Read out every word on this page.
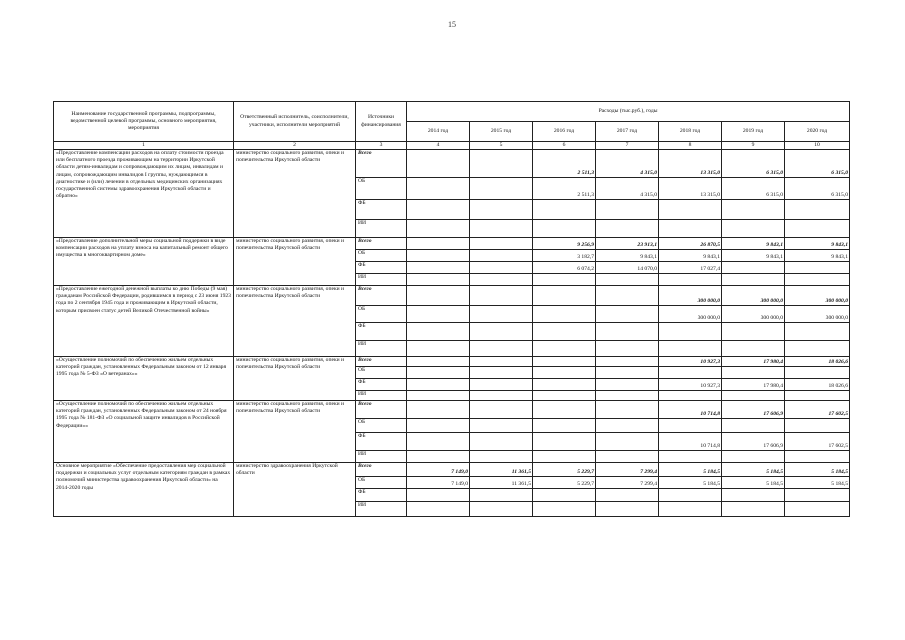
15
Наименование государственной программы, подпрограммы, ведомственной целевой программы, основного мероприятия, мероприятия	Ответственный исполнитель, соисполнители, участники, исполнители мероприятий	Источники финансирования	Расходы (тыс.руб.), годы						
			2014 год	2015 год	2016 год	2017 год	2018 год	2019 год	2020 год
1	2	3	4	5	6	7	8	9	10
«Предоставление компенсации расходов на оплату стоимости проезда или бесплатного проезда проживающим на территории Иркутской области детям-инвалидам и сопровождающим их лицам, инвалидам и лицам, сопровождающим инвалидов I группы, нуждающимся в диагностике и (или) лечении в отдельных медицинских организациях государственной системы здравоохранения Иркутской области и обратно»	министерство социального развития, опеки и попечительства Иркутской области	Всего			2 511,3	4 315,0	13 315,0	6 315,0	6 315,0
		ОБ			2 511,3	4 315,0	13 315,0	6 315,0	6 315,0
		ФБ							
		ИИ							
«Предоставление дополнительной меры социальной поддержки в виде компенсации расходов на уплату взноса на капитальный ремонт общего имущества в многоквартирном доме»	министерство социального развития, опеки и попечительства Иркутской области	Всего			9 256,9	23 913,1	26 870,5	9 843,1	9 843,1
		ОБ			3 182,7	9 843,1	9 843,1	9 843,1	9 843,1
		ФБ			6 074,2	14 070,0	17 027,4		
		ИИ							
«Предоставление ежегодной денежной выплаты ко дню Победы (9 мая) гражданам Российской Федерации, родившимся в период с 23 июня 1923 года по 2 сентября 1945 года и проживающим в Иркутской области, которым присвоен статус детей Великой Отечественной войны»	министерство социального развития, опеки и попечительства Иркутской области	Всего					300 000,0	300 000,0	300 000,0
		ОБ					300 000,0	300 000,0	300 000,0
		ФБ							
		ИИ							
«Осуществление полномочий по обеспечению жильем отдельных категорий граждан, установленных Федеральным законом от 12 января 1995 года № 5-ФЗ «О ветеранах»»	министерство социального развития, опеки и попечительства Иркутской области	Всего					10 927,3	17 980,4	18 026,6
		ОБ							
		ФБ					10 927,3	17 980,4	18 026,6
		ИИ							
«Осуществление полномочий по обеспечению жильем отдельных категорий граждан, установленных Федеральным законом от 24 ноября 1995 года № 181-ФЗ «О социальной защите инвалидов в Российской Федерации»»	министерство социального развития, опеки и попечительства Иркутской области	Всего					10 714,8	17 606,9	17 602,5
		ОБ							
		ФБ					10 714,8	17 606,9	17 602,5
		ИИ							
Основное мероприятие «Обеспечение предоставления мер социальной поддержки и социальных услуг отдельным категориям граждан в рамках полномочий министерства здравоохранения Иркутской области» на 2014-2020 годы	министерство здравоохранения Иркутской области	Всего	7 149,0	11 361,5	5 229,7	7 299,4	5 184,5	5 184,5	5 184,5
		ОБ	7 149,0	11 361,5	5 229,7	7 299,4	5 184,5	5 184,5	5 184,5
		ФБ							
		ИИ							
